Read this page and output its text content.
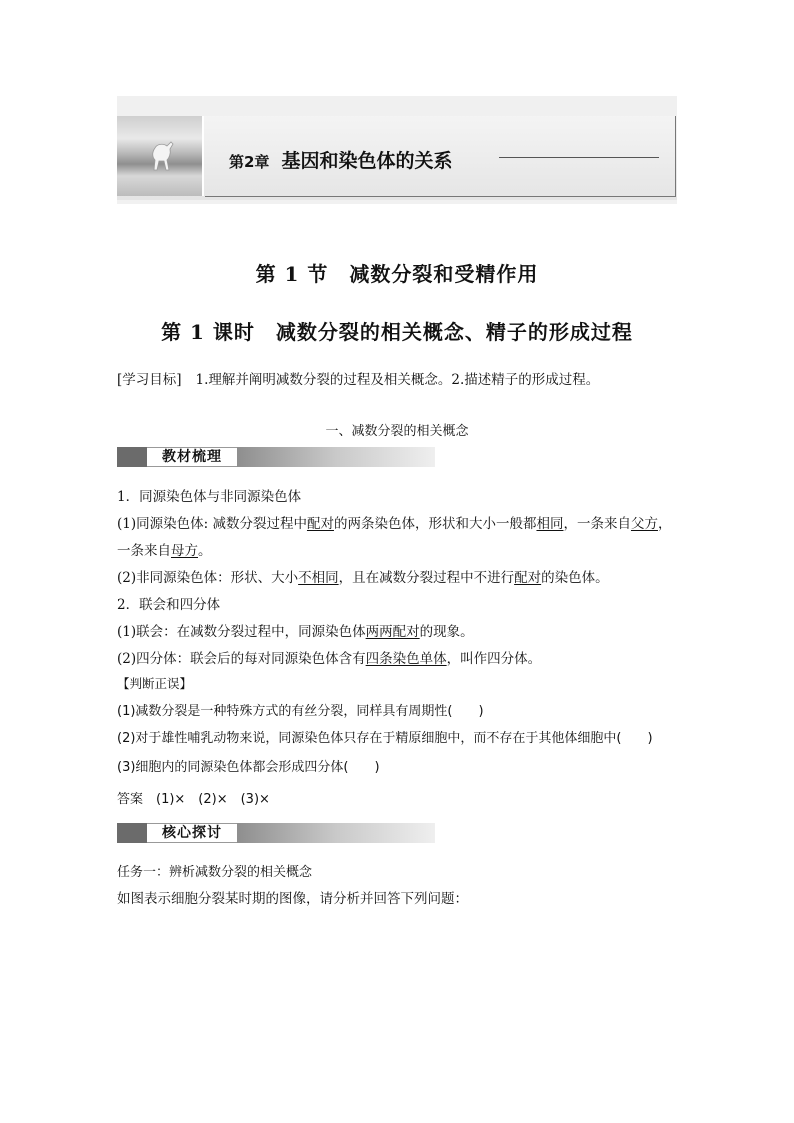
第2章 基因和染色体的关系
第 1 节　减数分裂和受精作用
第 1 课时　减数分裂的相关概念、精子的形成过程
[学习目标] 1.理解并阐明减数分裂的过程及相关概念。2.描述精子的形成过程。
一、减数分裂的相关概念
教材梳理
1．同源染色体与非同源染色体
(1)同源染色体: 减数分裂过程中配对的两条染色体，形状和大小一般都相同，一条来自父方，
一条来自母方。
(2)非同源染色体：形状、大小不相同，且在减数分裂过程中不进行配对的染色体。
2．联会和四分体
(1)联会：在减数分裂过程中，同源染色体两两配对的现象。
(2)四分体：联会后的每对同源染色体含有四条染色单体，叫作四分体。
【判断正误】
(1)减数分裂是一种特殊方式的有丝分裂，同样具有周期性(　　)
(2)对于雄性哺乳动物来说，同源染色体只存在于精原细胞中，而不存在于其他体细胞中(　　)
(3)细胞内的同源染色体都会形成四分体(　　)
答案　(1)×　(2)×　(3)×
核心探讨
任务一：辨析减数分裂的相关概念
如图表示细胞分裂某时期的图像，请分析并回答下列问题：
